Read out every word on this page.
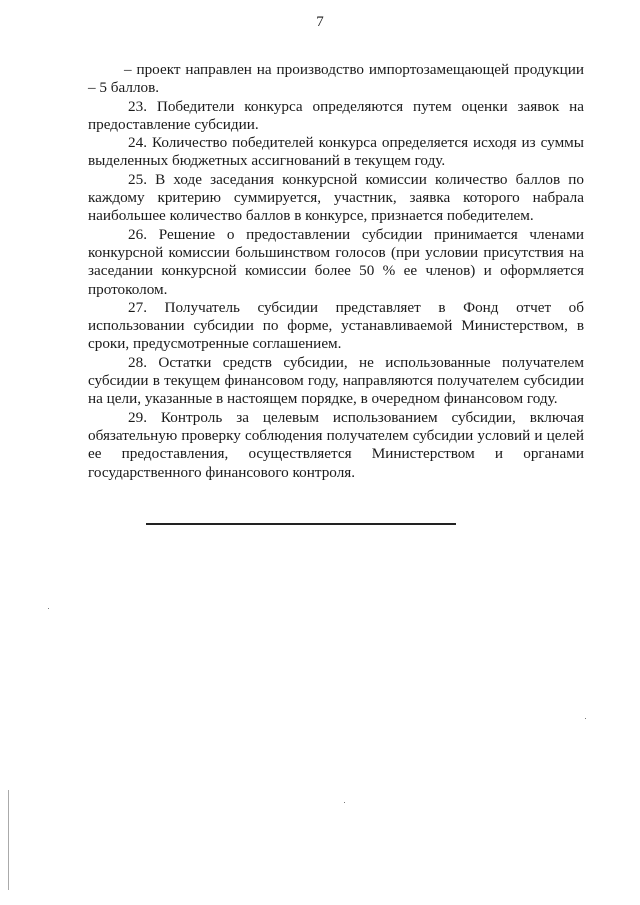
7

– проект направлен на производство импортозамещающей продукции – 5 баллов.

23. Победители конкурса определяются путем оценки заявок на предоставление субсидии.

24. Количество победителей конкурса определяется исходя из суммы выделенных бюджетных ассигнований в текущем году.

25. В ходе заседания конкурсной комиссии количество баллов по каждому критерию суммируется, участник, заявка которого набрала наибольшее количество баллов в конкурсе, признается победителем.

26. Решение о предоставлении субсидии принимается членами конкурсной комиссии большинством голосов (при условии присутствия на заседании конкурсной комиссии более 50 % ее членов) и оформляется протоколом.

27. Получатель субсидии представляет в Фонд отчет об использовании субсидии по форме, устанавливаемой Министерством, в сроки, предусмотренные соглашением.

28. Остатки средств субсидии, не использованные получателем субсидии в текущем финансовом году, направляются получателем субсидии на цели, указанные в настоящем порядке, в очередном финансовом году.

29. Контроль за целевым использованием субсидии, включая обязательную проверку соблюдения получателем субсидии условий и целей ее предоставления, осуществляется Министерством и органами государственного финансового контроля.
